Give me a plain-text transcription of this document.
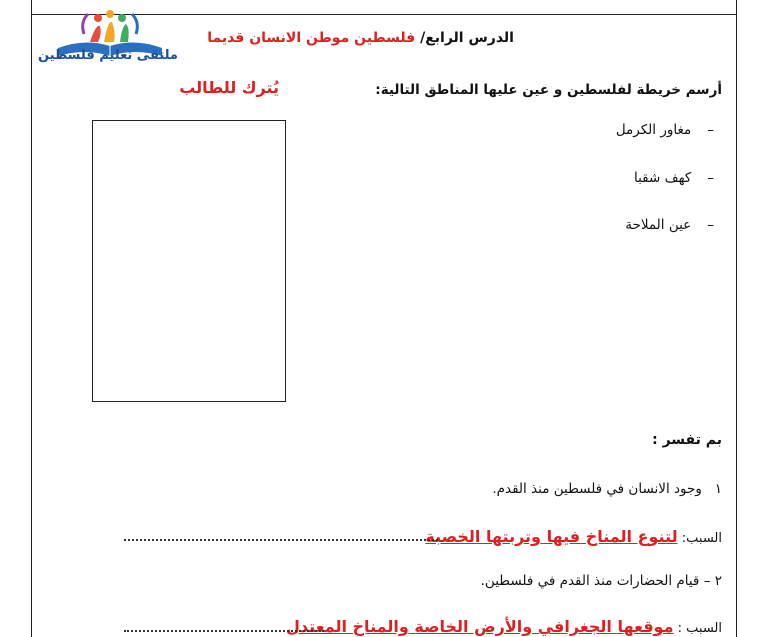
ملتقى تعليم فلسطين
الدرس الرابع/ فلسطين موطن الانسان قديما
أرسم خريطة لفلسطين و عين عليها المناطق التالية:
يُترك للطالب
–مغاور الكرمل
–كهف شقبا
–عين الملاحة
بم تفسر :
١   وجود الانسان في فلسطين منذ القدم.
السبب: لتنوع المناخ فيها وتربتها الخصبة
٢ – قيام الحضارات منذ القدم في فلسطين.
السبب : موقعها الجغرافي والأرض الخاصة والمناخ المعتدل
